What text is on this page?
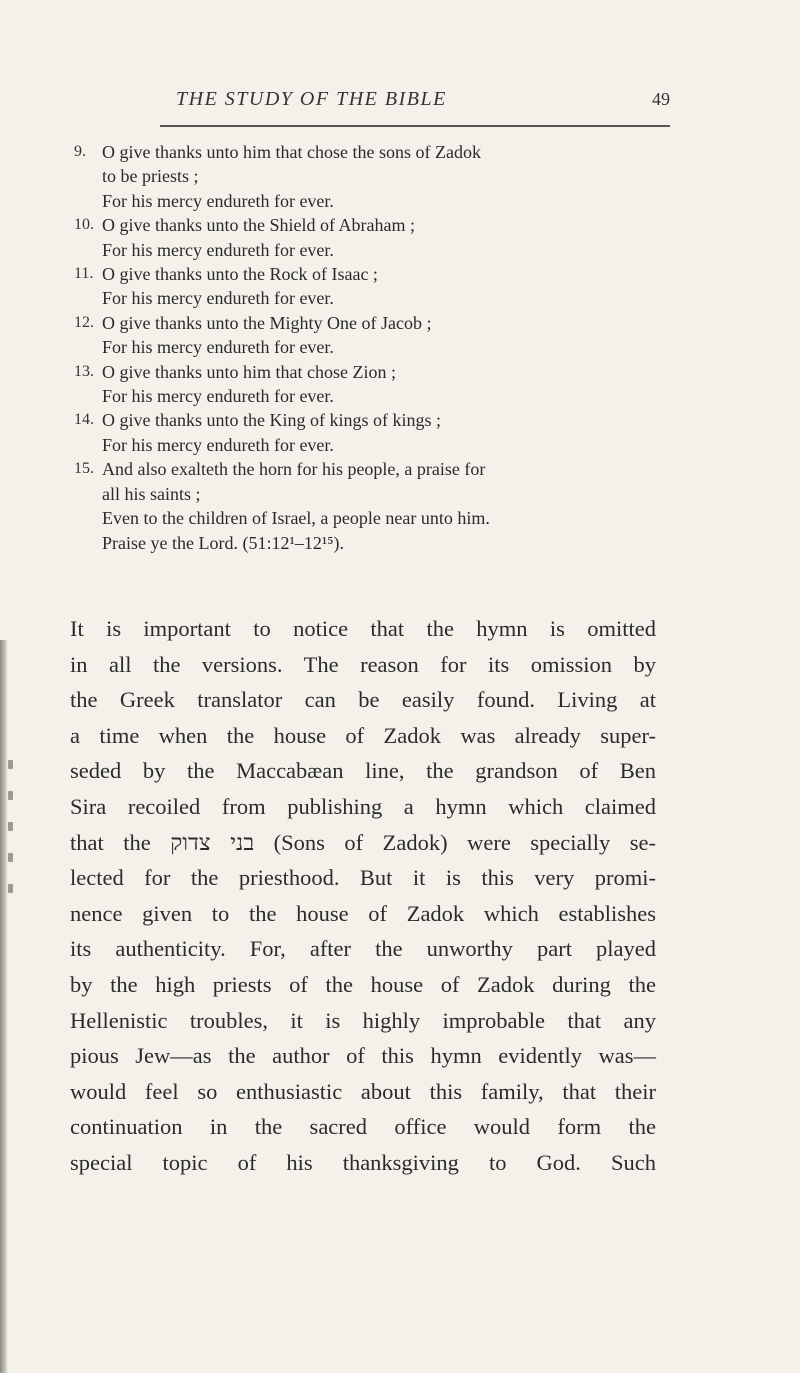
THE STUDY OF THE BIBLE	49
9. O give thanks unto him that chose the sons of Zadok
to be priests ;
For his mercy endureth for ever.
10. O give thanks unto the Shield of Abraham ;
For his mercy endureth for ever.
11. O give thanks unto the Rock of Isaac ;
For his mercy endureth for ever.
12. O give thanks unto the Mighty One of Jacob ;
For his mercy endureth for ever.
13. O give thanks unto him that chose Zion ;
For his mercy endureth for ever.
14. O give thanks unto the King of kings of kings ;
For his mercy endureth for ever.
15. And also exalteth the horn for his people, a praise for
all his saints ;
Even to the children of Israel, a people near unto him.
Praise ye the Lord. (51:12¹–12¹⁵).
It is important to notice that the hymn is omitted
in all the versions. The reason for its omission by
the Greek translator can be easily found. Living at
a time when the house of Zadok was already super-
seded by the Maccabæan line, the grandson of Ben
Sira recoiled from publishing a hymn which claimed
that the בני צדוק (Sons of Zadok) were specially se-
lected for the priesthood. But it is this very promi-
nence given to the house of Zadok which establishes
its authenticity. For, after the unworthy part played
by the high priests of the house of Zadok during the
Hellenistic troubles, it is highly improbable that any
pious Jew—as the author of this hymn evidently was—
would feel so enthusiastic about this family, that their
continuation in the sacred office would form the
special topic of his thanksgiving to God. Such
